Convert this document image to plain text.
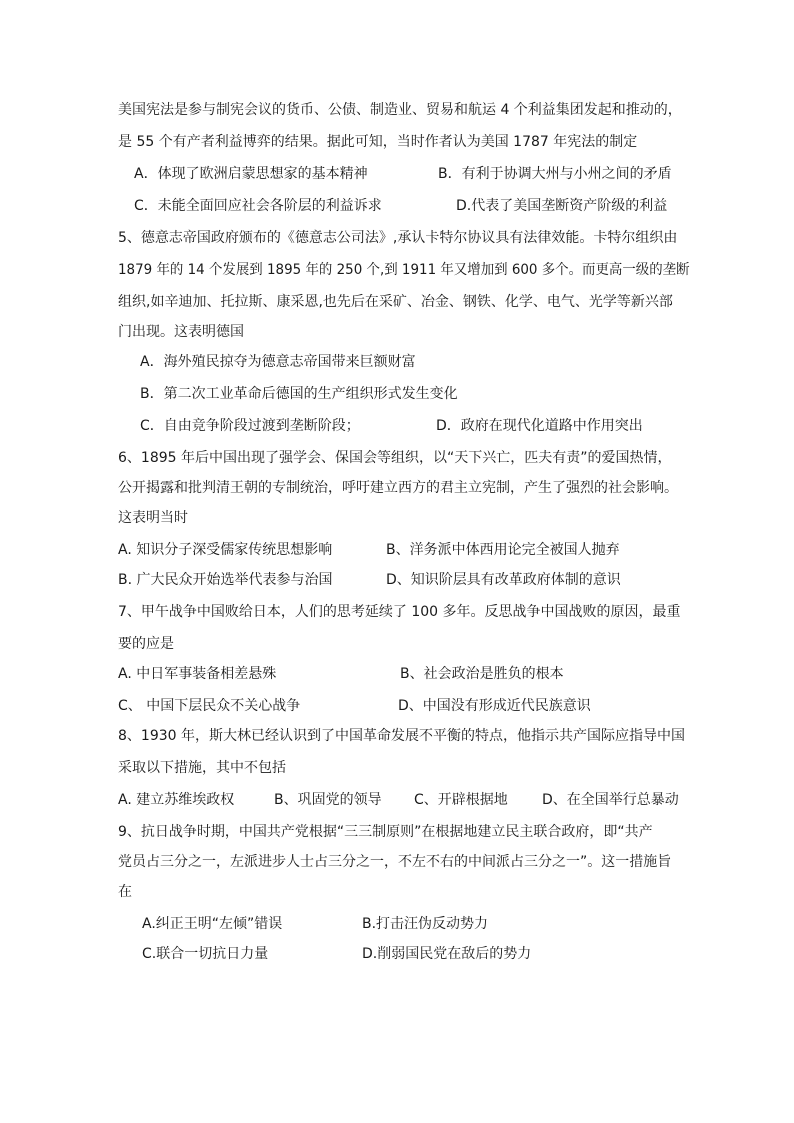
美国宪法是参与制宪会议的货币、公债、制造业、贸易和航运 4 个利益集团发起和推动的，
是 55 个有产者利益博弈的结果。据此可知，当时作者认为美国 1787 年宪法的制定
A．体现了欧洲启蒙思想家的基本精神	B．有利于协调大州与小州之间的矛盾
C．未能全面回应社会各阶层的利益诉求	D.代表了美国垄断资产阶级的利益
5、德意志帝国政府颁布的《德意志公司法》,承认卡特尔协议具有法律效能。卡特尔组织由
1879 年的 14 个发展到 1895 年的 250 个,到 1911 年又增加到 600 多个。而更高一级的垄断
组织,如辛迪加、托拉斯、康采恩,也先后在采矿、冶金、钢铁、化学、电气、光学等新兴部
门出现。这表明德国
A．海外殖民掠夺为德意志帝国带来巨额财富
B．第二次工业革命后德国的生产组织形式发生变化
C．自由竞争阶段过渡到垄断阶段；	D．政府在现代化道路中作用突出
6、1895 年后中国出现了强学会、保国会等组织，以“天下兴亡，匹夫有责”的爱国热情，
公开揭露和批判清王朝的专制统治，呼吁建立西方的君主立宪制，产生了强烈的社会影响。
这表明当时
A. 知识分子深受儒家传统思想影响	B、洋务派中体西用论完全被国人抛弃
B. 广大民众开始选举代表参与治国	D、知识阶层具有改革政府体制的意识
7、甲午战争中国败给日本，人们的思考延续了 100 多年。反思战争中国战败的原因，最重
要的应是
A. 中日军事装备相差悬殊	B、社会政治是胜负的根本
C、 中国下层民众不关心战争	D、中国没有形成近代民族意识
8、1930 年，斯大林已经认识到了中国革命发展不平衡的特点，他指示共产国际应指导中国
采取以下措施，其中不包括
A. 建立苏维埃政权	B、巩固党的领导 C、开辟根据地 D、在全国举行总暴动
9、抗日战争时期，中国共产党根据“三三制原则”在根据地建立民主联合政府，即“共产
党员占三分之一，左派进步人士占三分之一，不左不右的中间派占三分之一”。这一措施旨
在
A.纠正王明“左倾”错误	B.打击汪伪反动势力
C.联合一切抗日力量	D.削弱国民党在敌后的势力
